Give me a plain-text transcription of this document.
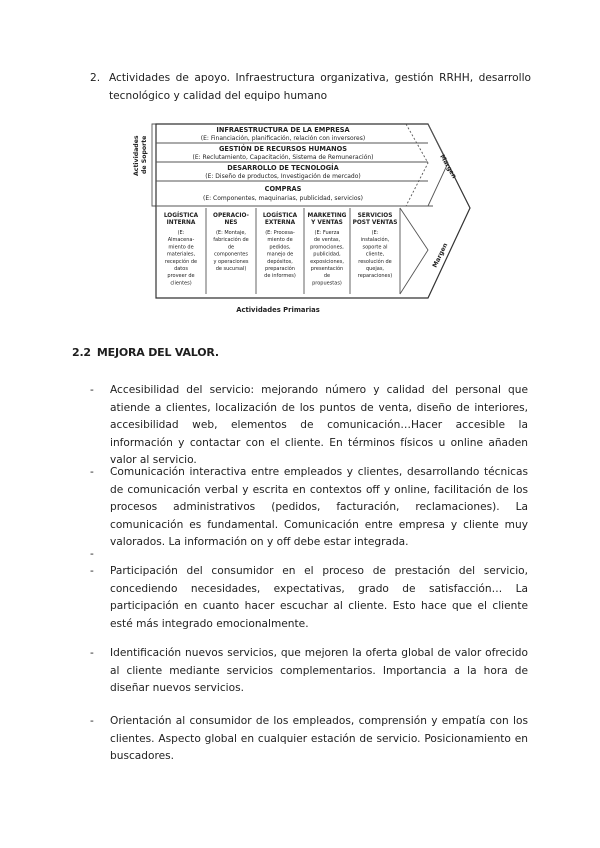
2. Actividades de apoyo. Infraestructura organizativa, gestión RRHH, desarrollo tecnológico y calidad del equipo humano
Actividades de Soporte
INFRAESTRUCTURA DE LA EMPRESA
(E: Financiación, planificación, relación con inversores)
GESTIÓN DE RECURSOS HUMANOS
(E: Reclutamiento, Capacitación, Sistema de Remuneración)
DESARROLLO DE TECNOLOGÍA
(E: Diseño de productos, Investigación de mercado)
COMPRAS
(E: Componentes, maquinarias, publicidad, servicios)
LOGÍSTICA
INTERNA
(E:
Almacena-
miento de
materiales,
recepción de
datos
proveer de
clientes)
OPERACIO-
NES
(E: Montaje,
fabricación de
de
componentes
y operaciones
de sucursal)
LOGÍSTICA
EXTERNA
(E: Procesa-
miento de
pedidos,
manejo de
depósitos,
preparación
de informes)
MARKETING
Y VENTAS
(E: Fuerza
de ventas,
promociones,
publicidad,
exposiciones,
presentación
de
propuestas)
SERVICIOS
POST VENTAS
(E:
instalación,
soporte al
cliente,
resolución de
quejas,
reparaciones)
Margen
Margen
Actividades Primarias
2.2 MEJORA DEL VALOR.
- Accesibilidad del servicio: mejorando número y calidad del personal que atiende a clientes, localización de los puntos de venta, diseño de interiores, accesibilidad web, elementos de comunicación…Hacer accesible la información y contactar con el cliente. En términos físicos u online añaden valor al servicio.
- Comunicación interactiva entre empleados y clientes, desarrollando técnicas de comunicación verbal y escrita en contextos off y online, facilitación de los procesos administrativos (pedidos, facturación, reclamaciones). La comunicación es fundamental. Comunicación entre empresa y cliente muy valorados. La información on y off debe estar integrada.
-
- Participación del consumidor en el proceso de prestación del servicio, concediendo necesidades, expectativas, grado de satisfacción… La participación en cuanto hacer escuchar al cliente. Esto hace que el cliente esté más integrado emocionalmente.
- Identificación nuevos servicios, que mejoren la oferta global de valor ofrecido al cliente mediante servicios complementarios. Importancia a la hora de diseñar nuevos servicios.
- Orientación al consumidor de los empleados, comprensión y empatía con los clientes. Aspecto global en cualquier estación de servicio. Posicionamiento en buscadores.
